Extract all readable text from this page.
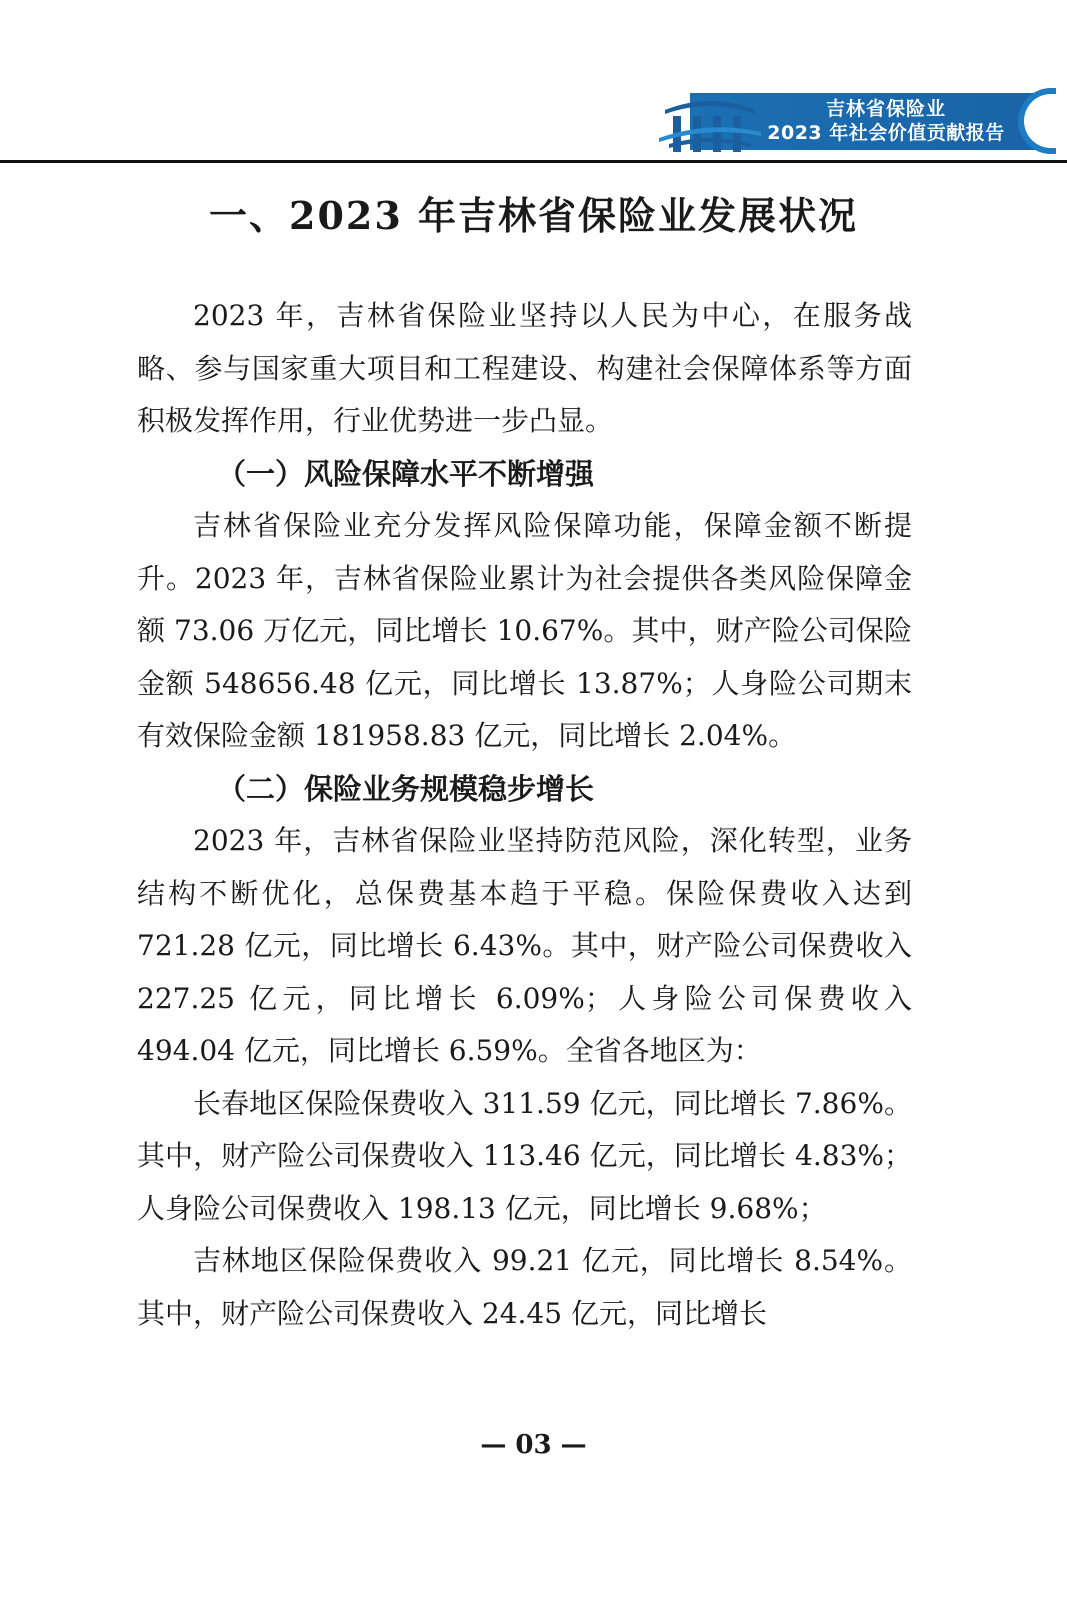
吉林省保险业
2023 年社会价值贡献报告
一、2023 年吉林省保险业发展状况

2023 年，吉林省保险业坚持以人民为中心，在服务战略、参与国家重大项目和工程建设、构建社会保障体系等方面积极发挥作用，行业优势进一步凸显。

（一）风险保障水平不断增强

吉林省保险业充分发挥风险保障功能，保障金额不断提升。2023 年，吉林省保险业累计为社会提供各类风险保障金额 73.06 万亿元，同比增长 10.67%。其中，财产险公司保险金额 548656.48 亿元，同比增长 13.87%；人身险公司期末有效保险金额 181958.83 亿元，同比增长 2.04%。

（二）保险业务规模稳步增长

2023 年，吉林省保险业坚持防范风险，深化转型，业务结构不断优化，总保费基本趋于平稳。保险保费收入达到 721.28 亿元，同比增长 6.43%。其中，财产险公司保费收入 227.25 亿元，同比增长 6.09%；人身险公司保费收入 494.04 亿元，同比增长 6.59%。全省各地区为：

长春地区保险保费收入 311.59 亿元，同比增长 7.86%。其中，财产险公司保费收入 113.46 亿元，同比增长 4.83%；人身险公司保费收入 198.13 亿元，同比增长 9.68%；

吉林地区保险保费收入 99.21 亿元，同比增长 8.54%。其中，财产险公司保费收入 24.45 亿元，同比增长

— 03 —
